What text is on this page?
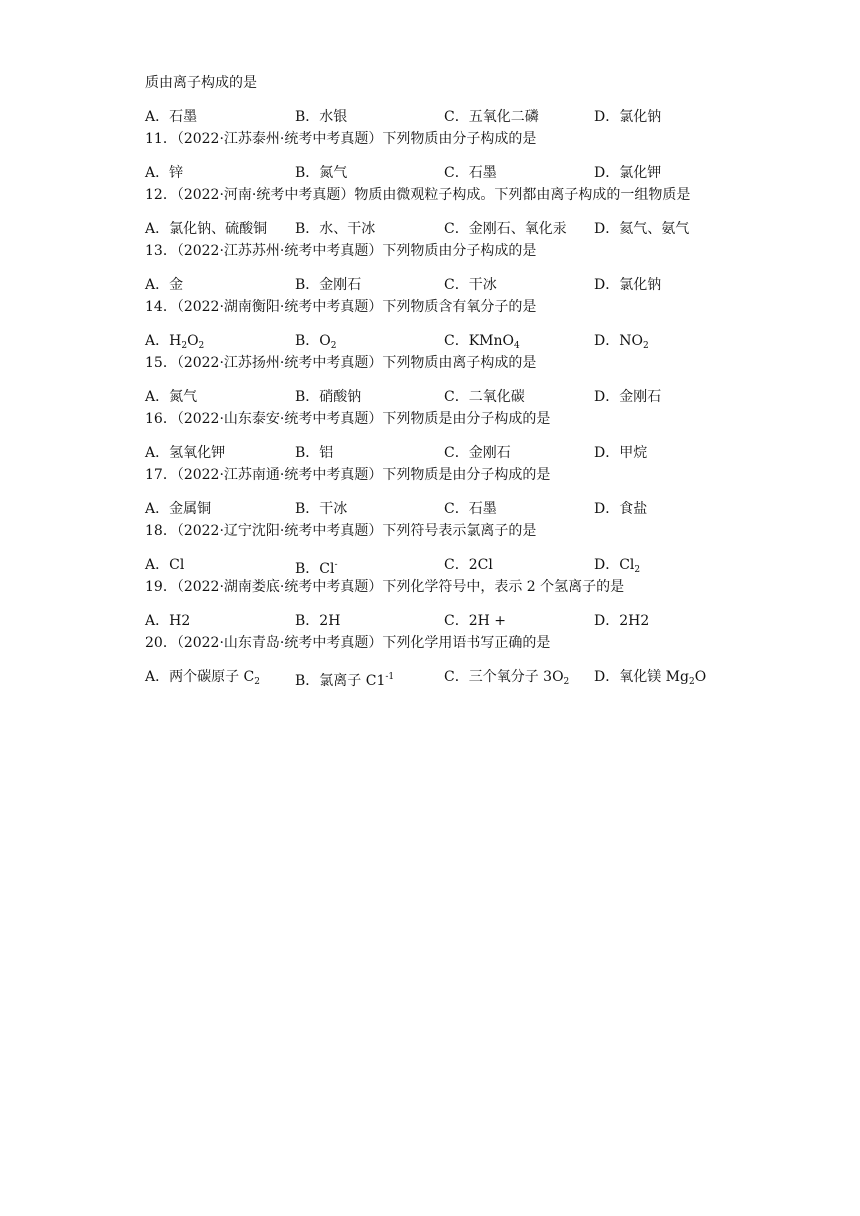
质由离子构成的是
A．石墨	B．水银	C．五氧化二磷	D．氯化钠
11．（2022·江苏泰州·统考中考真题）下列物质由分子构成的是
A．锌	B．氮气	C．石墨	D．氯化钾
12．（2022·河南·统考中考真题）物质由微观粒子构成。下列都由离子构成的一组物质是
A．氯化钠、硫酸铜 B．水、干冰	C．金刚石、氧化汞 D．氦气、氨气
13．（2022·江苏苏州·统考中考真题）下列物质由分子构成的是
A．金	B．金刚石	C．干冰	D．氯化钠
14．（2022·湖南衡阳·统考中考真题）下列物质含有氧分子的是
A．$H_2O_2$	B．$O_2$	C．KMnO$_4$	D．$NO_2$
15．（2022·江苏扬州·统考中考真题）下列物质由离子构成的是
A．氮气	B．硝酸钠	C．二氧化碳	D．金刚石
16．（2022·山东泰安·统考中考真题）下列物质是由分子构成的是
A．氢氧化钾	B．铝	C．金刚石	D．甲烷
17．（2022·江苏南通·统考中考真题）下列物质是由分子构成的是
A．金属铜	B．干冰	C．石墨	D．食盐
18．（2022·辽宁沈阳·统考中考真题）下列符号表示氯离子的是
A．Cl	B．Cl-	C．2Cl	D．$Cl_2$
19．（2022·湖南娄底·统考中考真题）下列化学符号中，表示 2 个氢离子的是
A．H2	B．2H	C．2H +	D．2H2
20．（2022·山东青岛·统考中考真题）下列化学用语书写正确的是
A．两个碳原子 $C_2$ B．氯离子 $C1^{-1}$	C．三个氧分子 $3O_2$ D．氧化镁 $Mg_2O$
